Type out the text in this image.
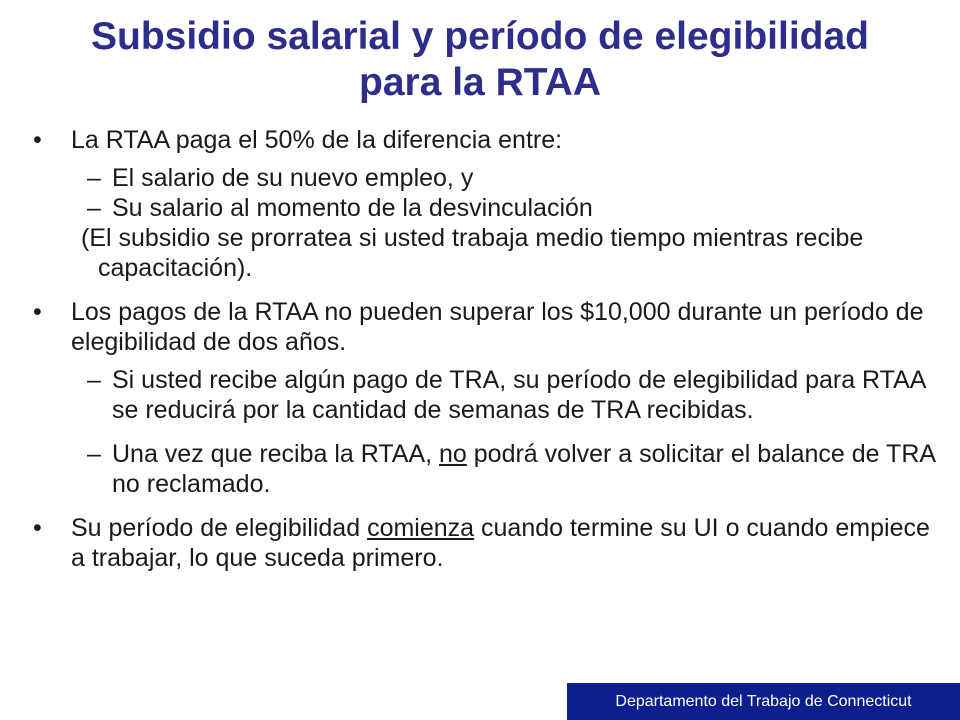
Subsidio salarial y período de elegibilidad
para la RTAA
• La RTAA paga el 50% de la diferencia entre:
– El salario de su nuevo empleo, y
– Su salario al momento de la desvinculación
(El subsidio se prorratea si usted trabaja medio tiempo mientras recibe capacitación).
• Los pagos de la RTAA no pueden superar los $10,000 durante un período de elegibilidad de dos años.
– Si usted recibe algún pago de TRA, su período de elegibilidad para RTAA se reducirá por la cantidad de semanas de TRA recibidas.
– Una vez que reciba la RTAA, no podrá volver a solicitar el balance de TRA no reclamado.
• Su período de elegibilidad comienza cuando termine su UI o cuando empiece a trabajar, lo que suceda primero.
Departamento del Trabajo de Connecticut
